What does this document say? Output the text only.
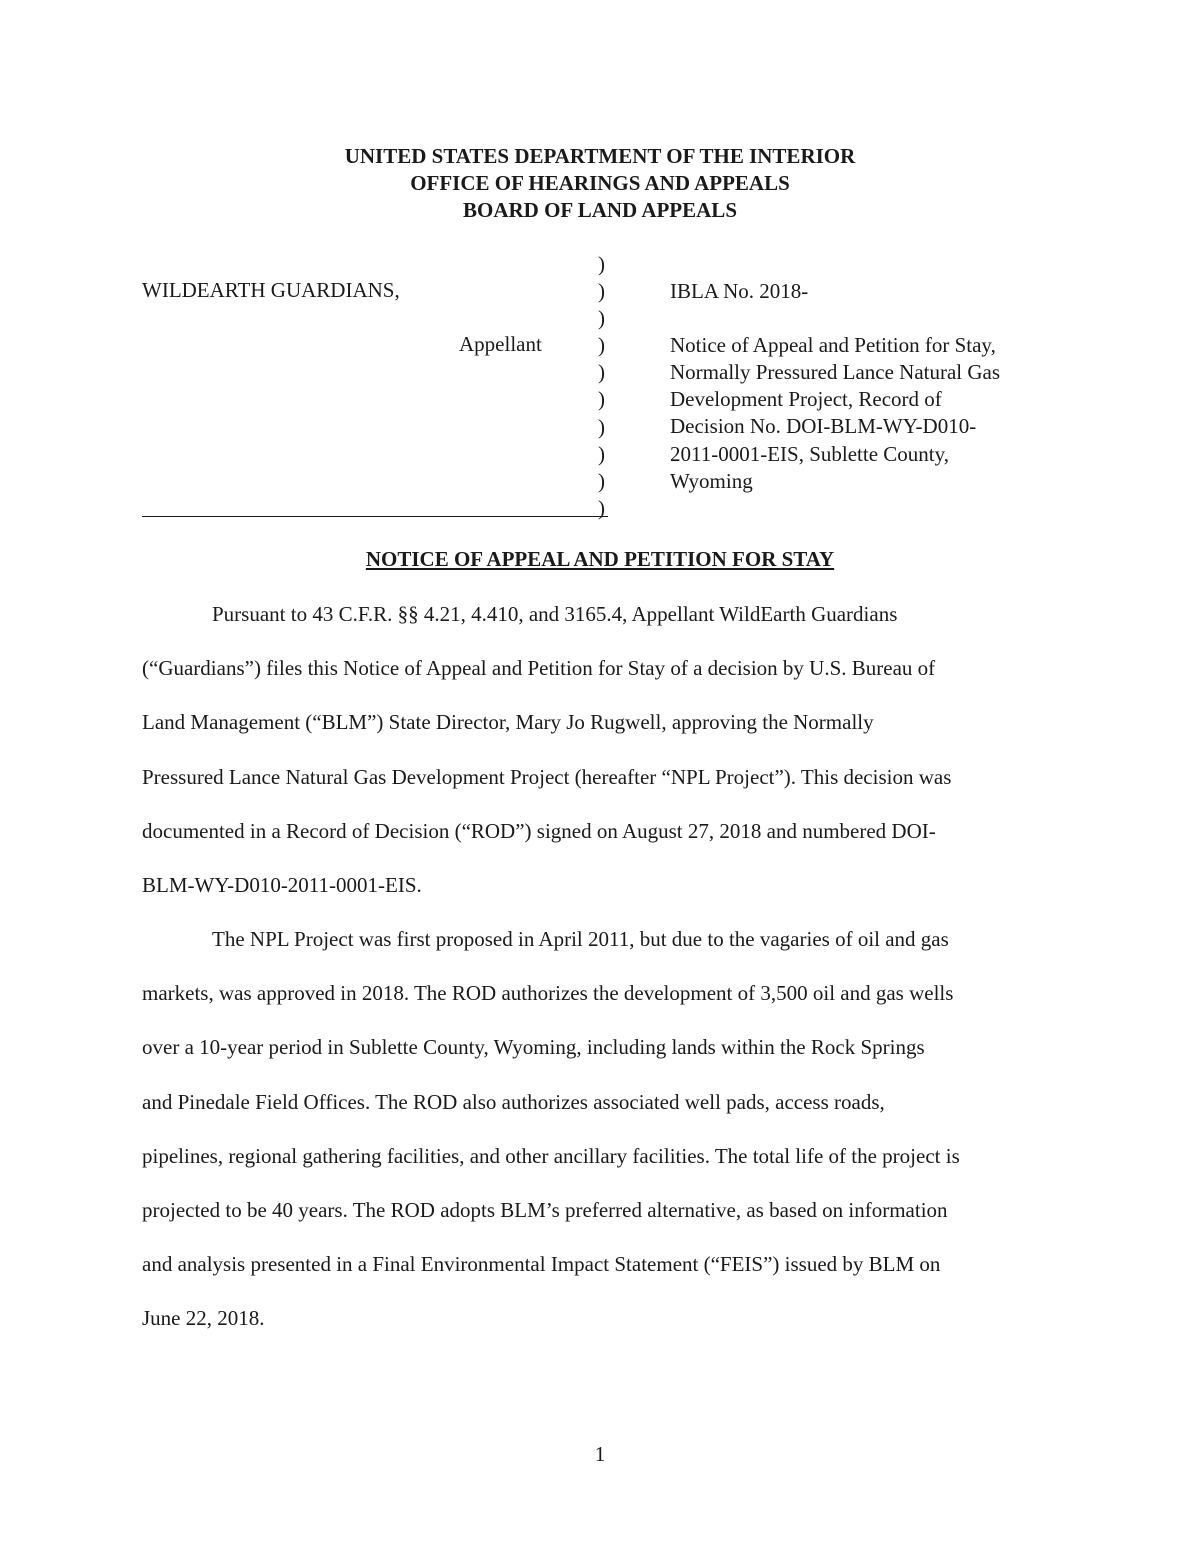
UNITED STATES DEPARTMENT OF THE INTERIOR
OFFICE OF HEARINGS AND APPEALS
BOARD OF LAND APPEALS
WILDEARTH GUARDIANS,
Appellant
)
)
)
)
)
)
)
)
)
)
IBLA No. 2018-
Notice of Appeal and Petition for Stay,
Normally Pressured Lance Natural Gas
Development Project, Record of
Decision No. DOI-BLM-WY-D010-
2011-0001-EIS, Sublette County,
Wyoming
NOTICE OF APPEAL AND PETITION FOR STAY
Pursuant to 43 C.F.R. §§ 4.21, 4.410, and 3165.4, Appellant WildEarth Guardians
(“Guardians”) files this Notice of Appeal and Petition for Stay of a decision by U.S. Bureau of
Land Management (“BLM”) State Director, Mary Jo Rugwell, approving the Normally
Pressured Lance Natural Gas Development Project (hereafter “NPL Project”). This decision was
documented in a Record of Decision (“ROD”) signed on August 27, 2018 and numbered DOI-
BLM-WY-D010-2011-0001-EIS.
The NPL Project was first proposed in April 2011, but due to the vagaries of oil and gas
markets, was approved in 2018. The ROD authorizes the development of 3,500 oil and gas wells
over a 10-year period in Sublette County, Wyoming, including lands within the Rock Springs
and Pinedale Field Offices. The ROD also authorizes associated well pads, access roads,
pipelines, regional gathering facilities, and other ancillary facilities. The total life of the project is
projected to be 40 years. The ROD adopts BLM’s preferred alternative, as based on information
and analysis presented in a Final Environmental Impact Statement (“FEIS”) issued by BLM on
June 22, 2018.
1
